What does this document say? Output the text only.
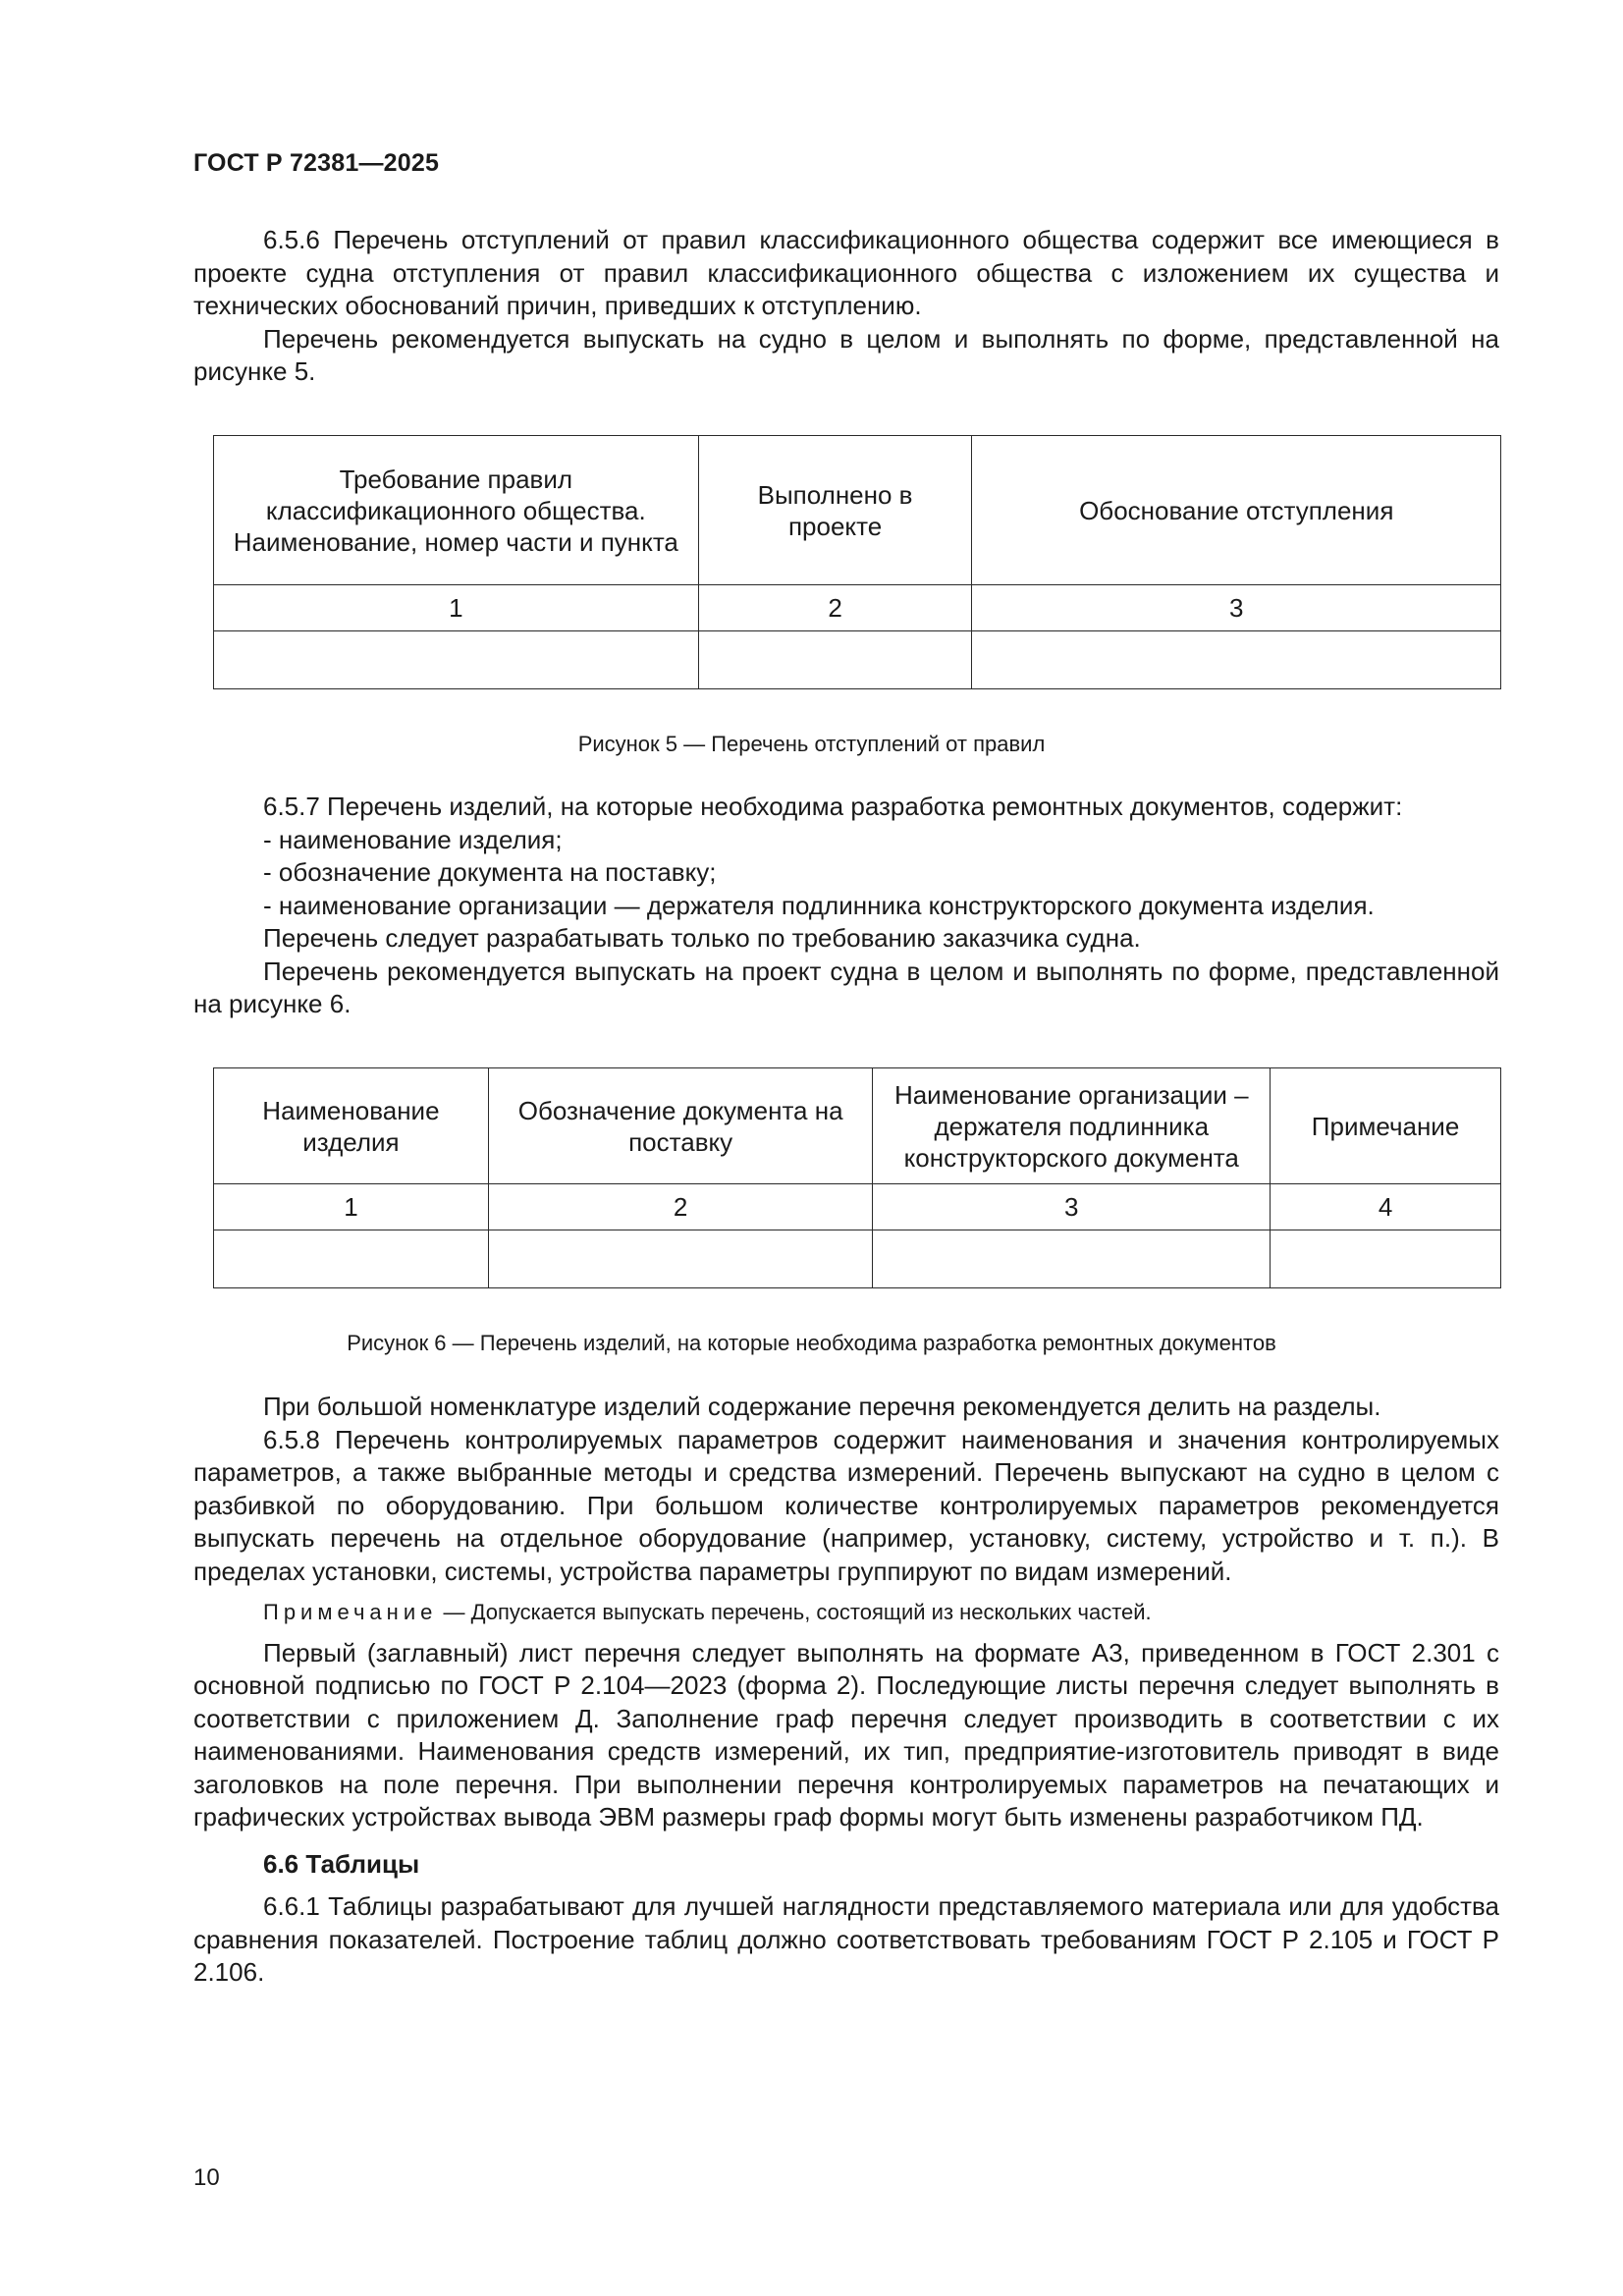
ГОСТ Р 72381—2025

6.5.6 Перечень отступлений от правил классификационного общества содержит все имеющиеся в проекте судна отступления от правил классификационного общества с изложением их существа и технических обоснований причин, приведших к отступлению.

Перечень рекомендуется выпускать на судно в целом и выполнять по форме, представленной на рисунке 5.

Требование правил классификационного общества. Наименование, номер части и пункта	Выполнено в проекте	Обоснование отступления
1	2	3

Рисунок 5 — Перечень отступлений от правил

6.5.7 Перечень изделий, на которые необходима разработка ремонтных документов, содержит:

- наименование изделия;

- обозначение документа на поставку;

- наименование организации — держателя подлинника конструкторского документа изделия.

Перечень следует разрабатывать только по требованию заказчика судна.

Перечень рекомендуется выпускать на проект судна в целом и выполнять по форме, представленной на рисунке 6.

Наименование изделия	Обозначение документа на поставку	Наименование организации – держателя подлинника конструкторского документа	Примечание
1	2	3	4

Рисунок 6 — Перечень изделий, на которые необходима разработка ремонтных документов

При большой номенклатуре изделий содержание перечня рекомендуется делить на разделы.

6.5.8 Перечень контролируемых параметров содержит наименования и значения контролируемых параметров, а также выбранные методы и средства измерений. Перечень выпускают на судно в целом с разбивкой по оборудованию. При большом количестве контролируемых параметров рекомендуется выпускать перечень на отдельное оборудование (например, установку, систему, устройство и т. п.). В пределах установки, системы, устройства параметры группируют по видам измерений.

Примечание — Допускается выпускать перечень, состоящий из нескольких частей.

Первый (заглавный) лист перечня следует выполнять на формате А3, приведенном в ГОСТ 2.301 с основной подписью по ГОСТ Р 2.104—2023 (форма 2). Последующие листы перечня следует выполнять в соответствии с приложением Д. Заполнение граф перечня следует производить в соответствии с их наименованиями. Наименования средств измерений, их тип, предприятие-изготовитель приводят в виде заголовков на поле перечня. При выполнении перечня контролируемых параметров на печатающих и графических устройствах вывода ЭВМ размеры граф формы могут быть изменены разработчиком ПД.

6.6 Таблицы

6.6.1 Таблицы разрабатывают для лучшей наглядности представляемого материала или для удобства сравнения показателей. Построение таблиц должно соответствовать требованиям ГОСТ Р 2.105 и ГОСТ Р 2.106.

10
